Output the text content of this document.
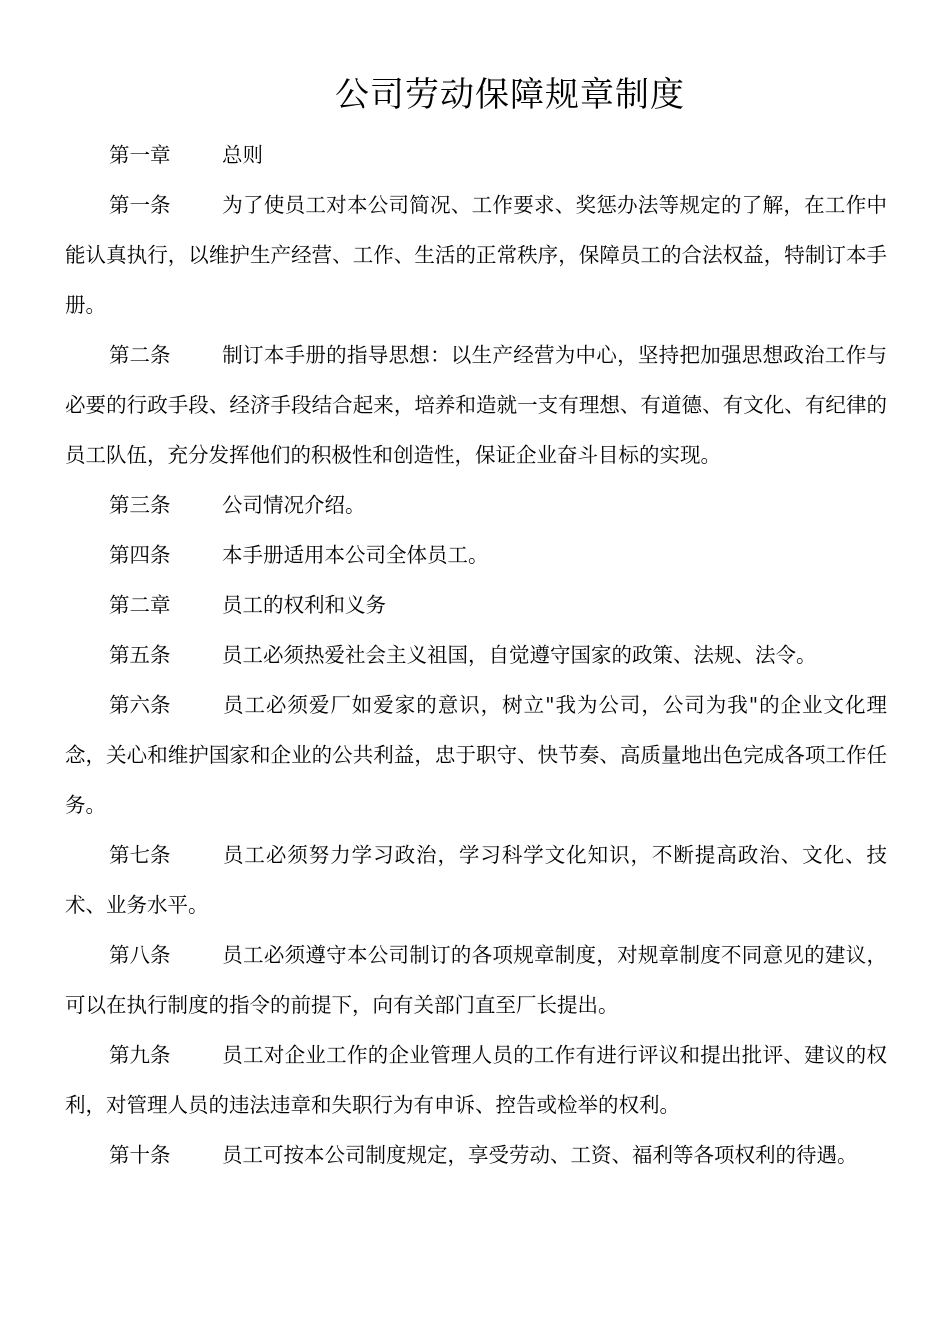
公司劳动保障规章制度

第一章	总则

第一条	为了使员工对本公司简况、工作要求、奖惩办法等规定的了解，在工作中能认真执行，以维护生产经营、工作、生活的正常秩序，保障员工的合法权益，特制订本手册。

第二条	制订本手册的指导思想：以生产经营为中心，坚持把加强思想政治工作与必要的行政手段、经济手段结合起来，培养和造就一支有理想、有道德、有文化、有纪律的员工队伍，充分发挥他们的积极性和创造性，保证企业奋斗目标的实现。

第三条	公司情况介绍。

第四条	本手册适用本公司全体员工。

第二章	员工的权利和义务

第五条	员工必须热爱社会主义祖国，自觉遵守国家的政策、法规、法令。

第六条	员工必须爱厂如爱家的意识，树立"我为公司，公司为我"的企业文化理念，关心和维护国家和企业的公共利益，忠于职守、快节奏、高质量地出色完成各项工作任务。

第七条	员工必须努力学习政治，学习科学文化知识，不断提高政治、文化、技术、业务水平。

第八条	员工必须遵守本公司制订的各项规章制度，对规章制度不同意见的建议，可以在执行制度的指令的前提下，向有关部门直至厂长提出。

第九条	员工对企业工作的企业管理人员的工作有进行评议和提出批评、建议的权利，对管理人员的违法违章和失职行为有申诉、控告或检举的权利。

第十条	员工可按本公司制度规定，享受劳动、工资、福利等各项权利的待遇。
